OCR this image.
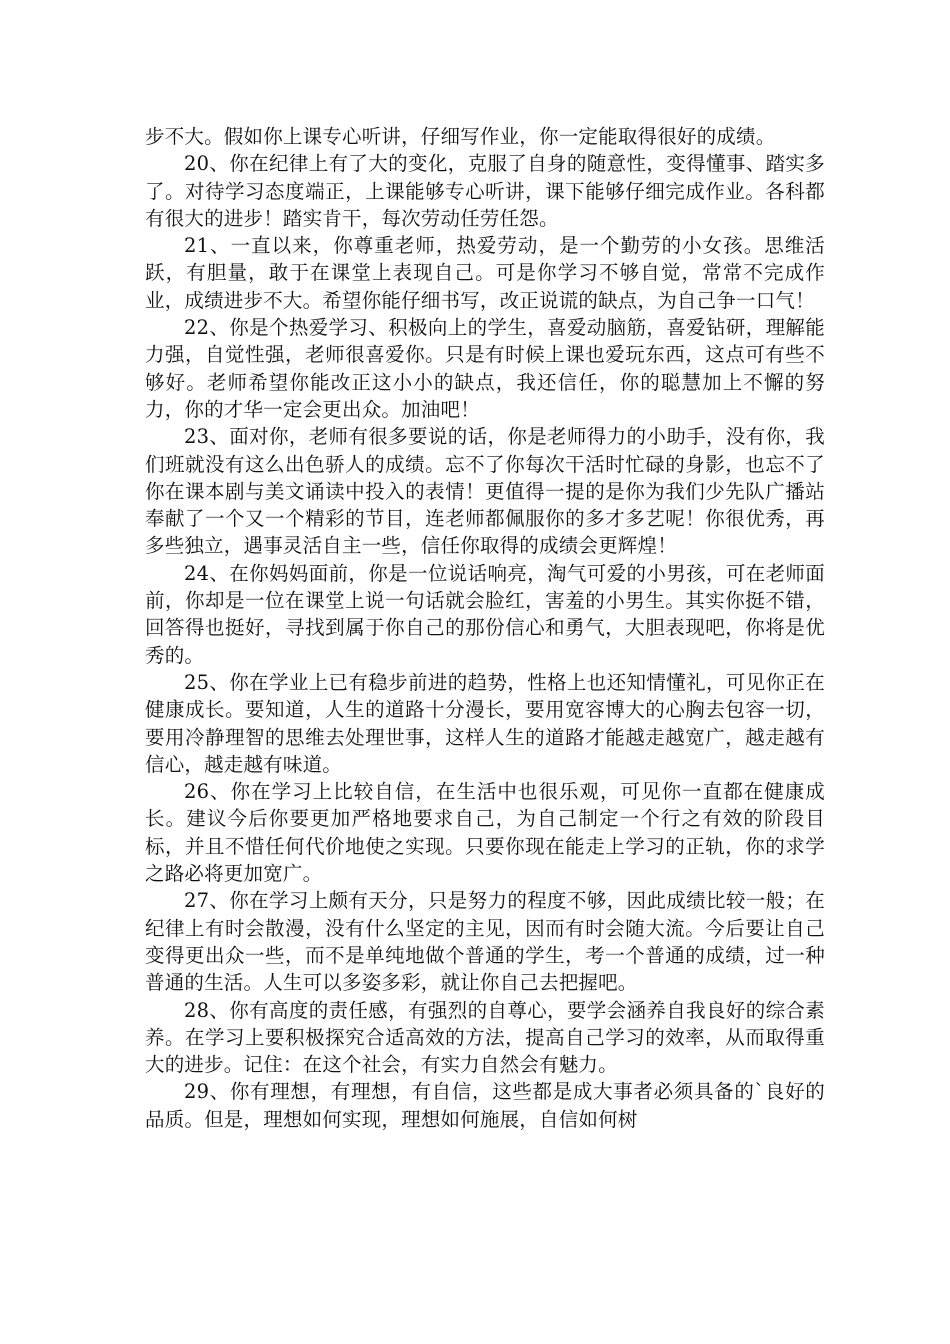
步不大。假如你上课专心听讲，仔细写作业，你一定能取得很好的成绩。

20、你在纪律上有了大的变化，克服了自身的随意性，变得懂事、踏实多了。对待学习态度端正，上课能够专心听讲，课下能够仔细完成作业。各科都有很大的进步！踏实肯干，每次劳动任劳任怨。

21、一直以来，你尊重老师，热爱劳动，是一个勤劳的小女孩。思维活跃，有胆量，敢于在课堂上表现自己。可是你学习不够自觉，常常不完成作业，成绩进步不大。希望你能仔细书写，改正说谎的缺点，为自己争一口气！

22、你是个热爱学习、积极向上的学生，喜爱动脑筋，喜爱钻研，理解能力强，自觉性强，老师很喜爱你。只是有时候上课也爱玩东西，这点可有些不够好。老师希望你能改正这小小的缺点，我还信任，你的聪慧加上不懈的努力，你的才华一定会更出众。加油吧！

23、面对你，老师有很多要说的话，你是老师得力的小助手，没有你，我们班就没有这么出色骄人的成绩。忘不了你每次干活时忙碌的身影，也忘不了你在课本剧与美文诵读中投入的表情！更值得一提的是你为我们少先队广播站奉献了一个又一个精彩的节目，连老师都佩服你的多才多艺呢！你很优秀，再多些独立，遇事灵活自主一些，信任你取得的成绩会更辉煌！

24、在你妈妈面前，你是一位说话响亮，淘气可爱的小男孩，可在老师面前，你却是一位在课堂上说一句话就会脸红，害羞的小男生。其实你挺不错，回答得也挺好，寻找到属于你自己的那份信心和勇气，大胆表现吧，你将是优秀的。

25、你在学业上已有稳步前进的趋势，性格上也还知情懂礼，可见你正在健康成长。要知道，人生的道路十分漫长，要用宽容博大的心胸去包容一切，要用冷静理智的思维去处理世事，这样人生的道路才能越走越宽广，越走越有信心，越走越有味道。

26、你在学习上比较自信，在生活中也很乐观，可见你一直都在健康成长。建议今后你要更加严格地要求自己，为自己制定一个行之有效的阶段目标，并且不惜任何代价地使之实现。只要你现在能走上学习的正轨，你的求学之路必将更加宽广。

27、你在学习上颇有天分，只是努力的程度不够，因此成绩比较一般；在纪律上有时会散漫，没有什么坚定的主见，因而有时会随大流。今后要让自己变得更出众一些，而不是单纯地做个普通的学生，考一个普通的成绩，过一种普通的生活。人生可以多姿多彩，就让你自己去把握吧。

28、你有高度的责任感，有强烈的自尊心，要学会涵养自我良好的综合素养。在学习上要积极探究合适高效的方法，提高自己学习的效率，从而取得重大的进步。记住：在这个社会，有实力自然会有魅力。

29、你有理想，有理想，有自信，这些都是成大事者必须具备的`良好的品质。但是，理想如何实现，理想如何施展，自信如何树
